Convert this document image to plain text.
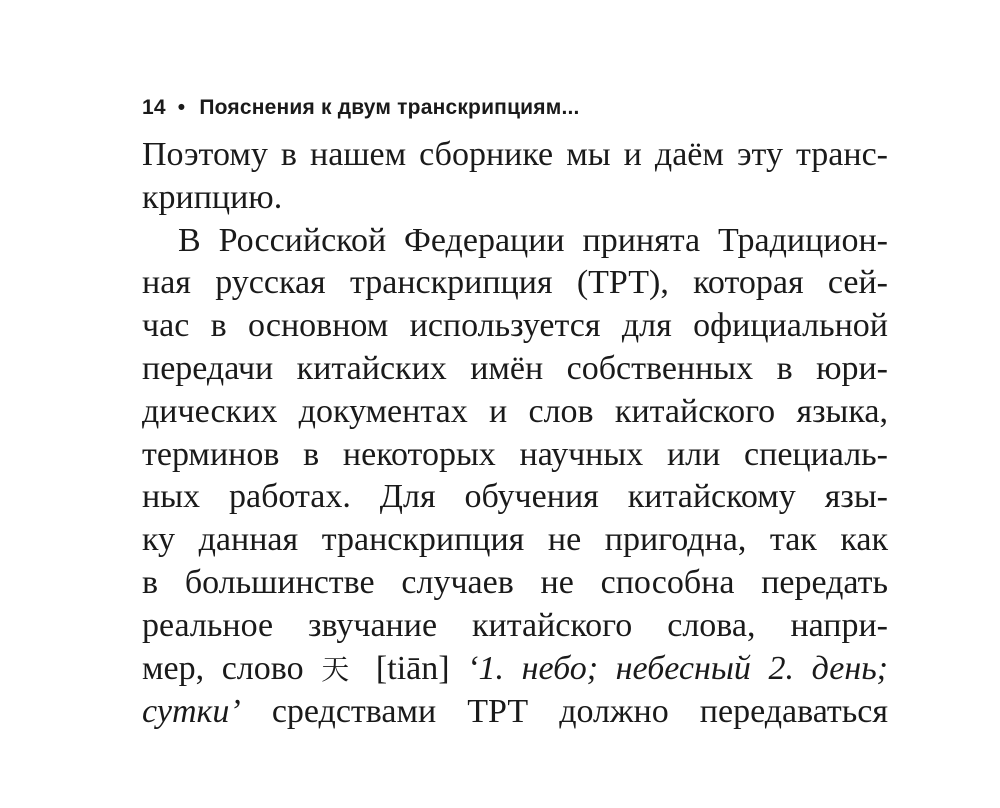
14 • Пояснения к двум транскрипциям...
Поэтому в нашем сборнике мы и даём эту транс-
крипцию.
В Российской Федерации принята Традицион-
ная русская транскрипция (ТРТ), которая сей-
час в основном используется для официальной
передачи китайских имён собственных в юри-
дических документах и слов китайского языка,
терминов в некоторых научных или специаль-
ных работах. Для обучения китайскому язы-
ку данная транскрипция не пригодна, так как
в большинстве случаев не способна передать
реальное звучание китайского слова, напри-
мер, слово 天 [tiān] ‘1. небо; небесный 2. день;
сутки’ средствами ТРТ должно передаваться
